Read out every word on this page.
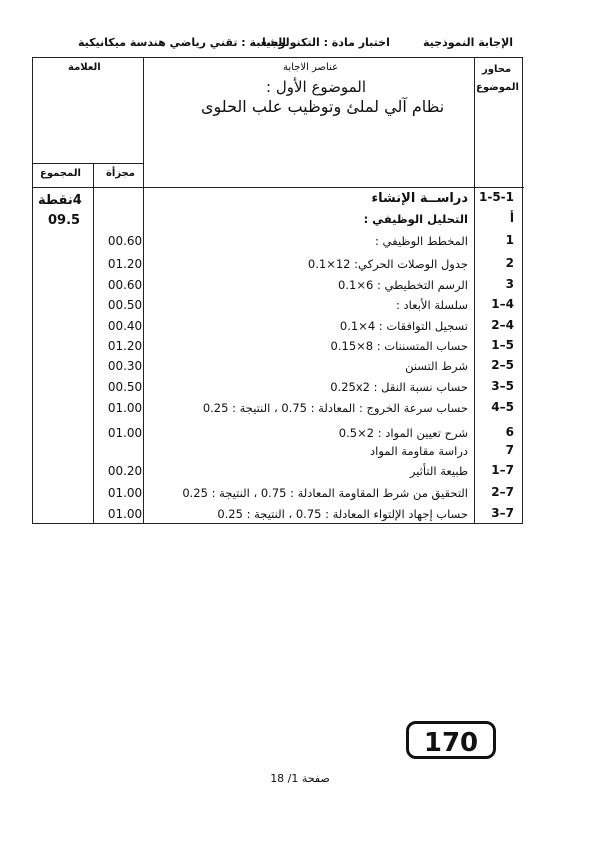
الإجابة النموذجية
اختبار مادة : التكنولوجيا
الشعبة : تقني رياضي هندسة ميكانيكية
محاور
الموضوع
عناصر الاجابة
العلامة
مجزأة
المجموع
الموضوع الأول :
نظام آلي لملئ وتوظيب علب الحلوى
4نقطة
09.5
1-5-1
دراســة الإنشاء
أ
التحليل الوظيفي :
1
المخطط الوظيفي :
00.60
2
جدول الوصلات الحركي: 12×0.1
01.20
3
الرسم التخطيطي : 6×0.1
00.60
1–4
سلسلة الأبعاد :
00.50
2–4
تسجيل التوافقات : 4×0.1
00.40
1–5
حساب المتسننات : 8×0.15
01.20
2–5
شرط التسنن
00.30
3–5
حساب نسبة النقل : 0.25x2
00.50
4–5
حساب سرعة الخروج : المعادلة : 0.75 ، النتيجة : 0.25
01.00
6
شرح تعيين المواد : 2×0.5
01.00
7
دراسة مقاومة المواد
1–7
طبيعة التأثير
00.20
2–7
التحقيق من شرط المقاومة المعادلة : 0.75 ، النتيجة : 0.25
01.00
3–7
حساب إجهاد الإلتواء المعادلة : 0.75 ، النتيجة : 0.25
01.00
170
صفحة 1/ 18
